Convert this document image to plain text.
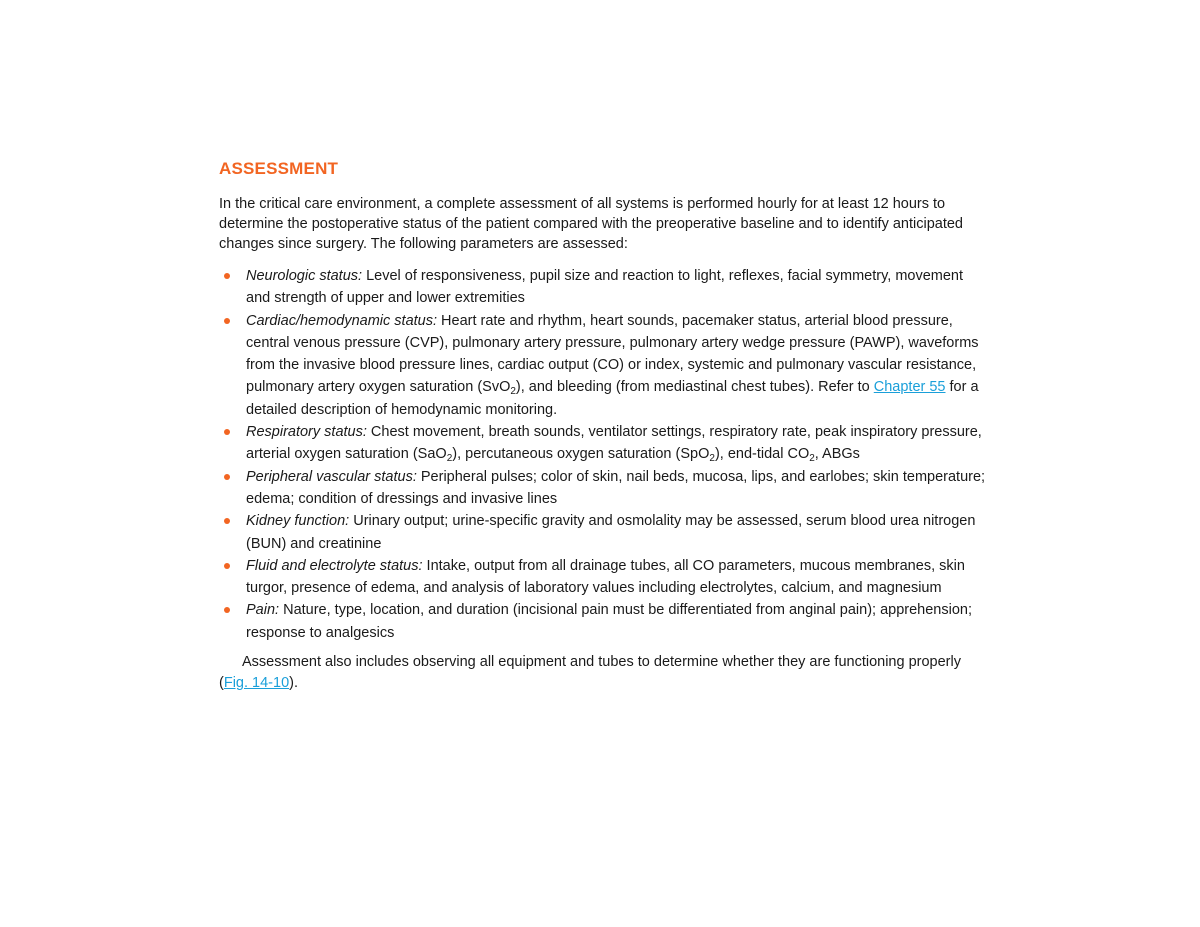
ASSESSMENT

In the critical care environment, a complete assessment of all systems is performed hourly for at least 12 hours to determine the postoperative status of the patient compared with the preoperative baseline and to identify anticipated changes since surgery. The following parameters are assessed:

Neurologic status: Level of responsiveness, pupil size and reaction to light, reflexes, facial symmetry, movement and strength of upper and lower extremities
Cardiac/hemodynamic status: Heart rate and rhythm, heart sounds, pacemaker status, arterial blood pressure, central venous pressure (CVP), pulmonary artery pressure, pulmonary artery wedge pressure (PAWP), waveforms from the invasive blood pressure lines, cardiac output (CO) or index, systemic and pulmonary vascular resistance, pulmonary artery oxygen saturation (SvO$_2$), and bleeding (from mediastinal chest tubes). Refer to Chapter 55 for a detailed description of hemodynamic monitoring.
Respiratory status: Chest movement, breath sounds, ventilator settings, respiratory rate, peak inspiratory pressure, arterial oxygen saturation (SaO$_2$), percutaneous oxygen saturation (SpO$_2$), end-tidal $CO_2$, ABGs
Peripheral vascular status: Peripheral pulses; color of skin, nail beds, mucosa, lips, and earlobes; skin temperature; edema; condition of dressings and invasive lines
Kidney function: Urinary output; urine-specific gravity and osmolality may be assessed, serum blood urea nitrogen (BUN) and creatinine
Fluid and electrolyte status: Intake, output from all drainage tubes, all CO parameters, mucous membranes, skin turgor, presence of edema, and analysis of laboratory values including electrolytes, calcium, and magnesium
Pain: Nature, type, location, and duration (incisional pain must be differentiated from anginal pain); apprehension; response to analgesics

Assessment also includes observing all equipment and tubes to determine whether they are functioning properly (Fig. 14-10).
